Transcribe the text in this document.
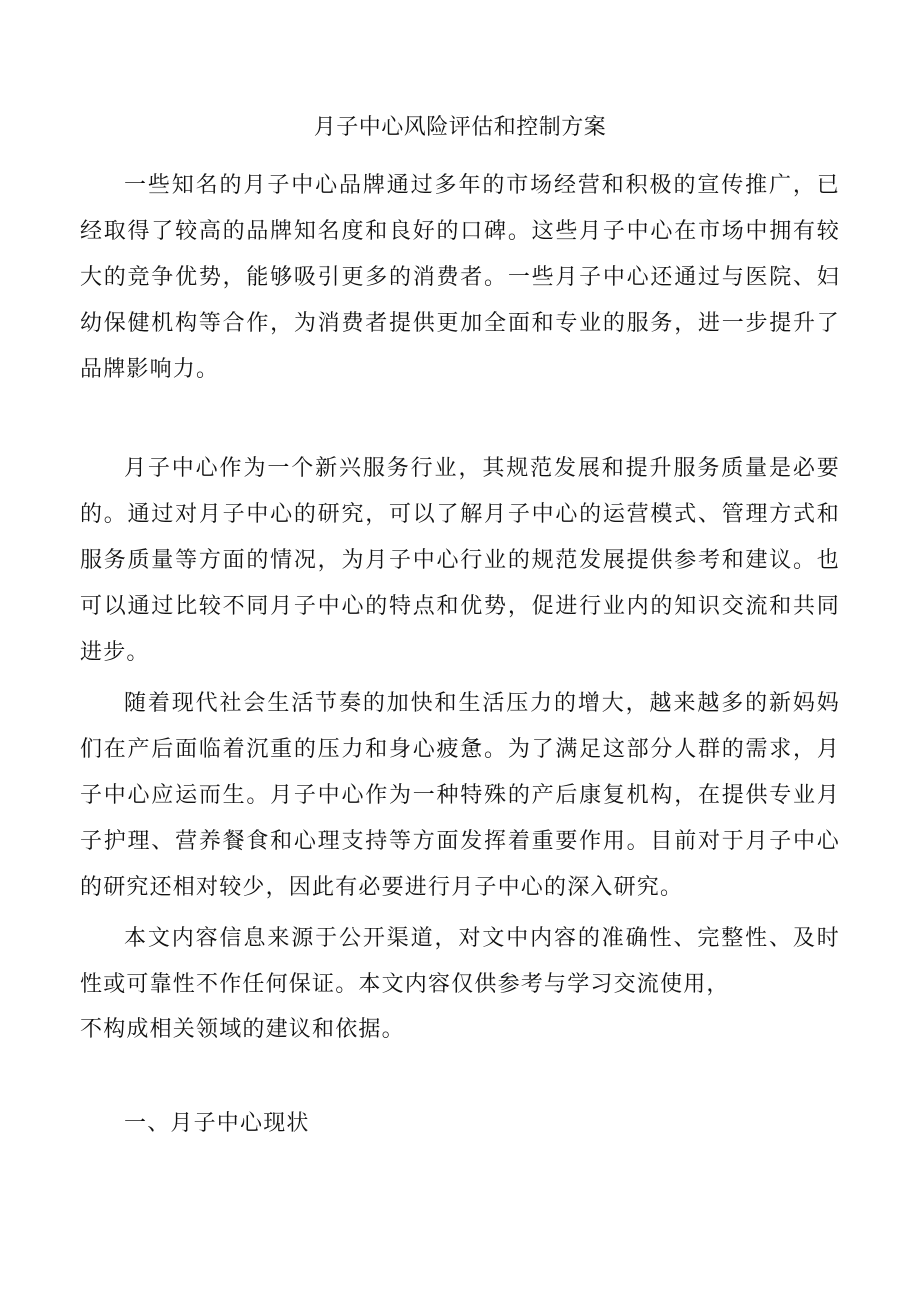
月子中心风险评估和控制方案

一些知名的月子中心品牌通过多年的市场经营和积极的宣传推广，已经取得了较高的品牌知名度和良好的口碑。这些月子中心在市场中拥有较大的竞争优势，能够吸引更多的消费者。一些月子中心还通过与医院、妇幼保健机构等合作，为消费者提供更加全面和专业的服务，进一步提升了品牌影响力。

月子中心作为一个新兴服务行业，其规范发展和提升服务质量是必要的。通过对月子中心的研究，可以了解月子中心的运营模式、管理方式和服务质量等方面的情况，为月子中心行业的规范发展提供参考和建议。也可以通过比较不同月子中心的特点和优势，促进行业内的知识交流和共同进步。

随着现代社会生活节奏的加快和生活压力的增大，越来越多的新妈妈们在产后面临着沉重的压力和身心疲惫。为了满足这部分人群的需求，月子中心应运而生。月子中心作为一种特殊的产后康复机构，在提供专业月子护理、营养餐食和心理支持等方面发挥着重要作用。目前对于月子中心的研究还相对较少，因此有必要进行月子中心的深入研究。

本文内容信息来源于公开渠道，对文中内容的准确性、完整性、及时性或可靠性不作任何保证。本文内容仅供参考与学习交流使用，

不构成相关领域的建议和依据。

一、月子中心现状
